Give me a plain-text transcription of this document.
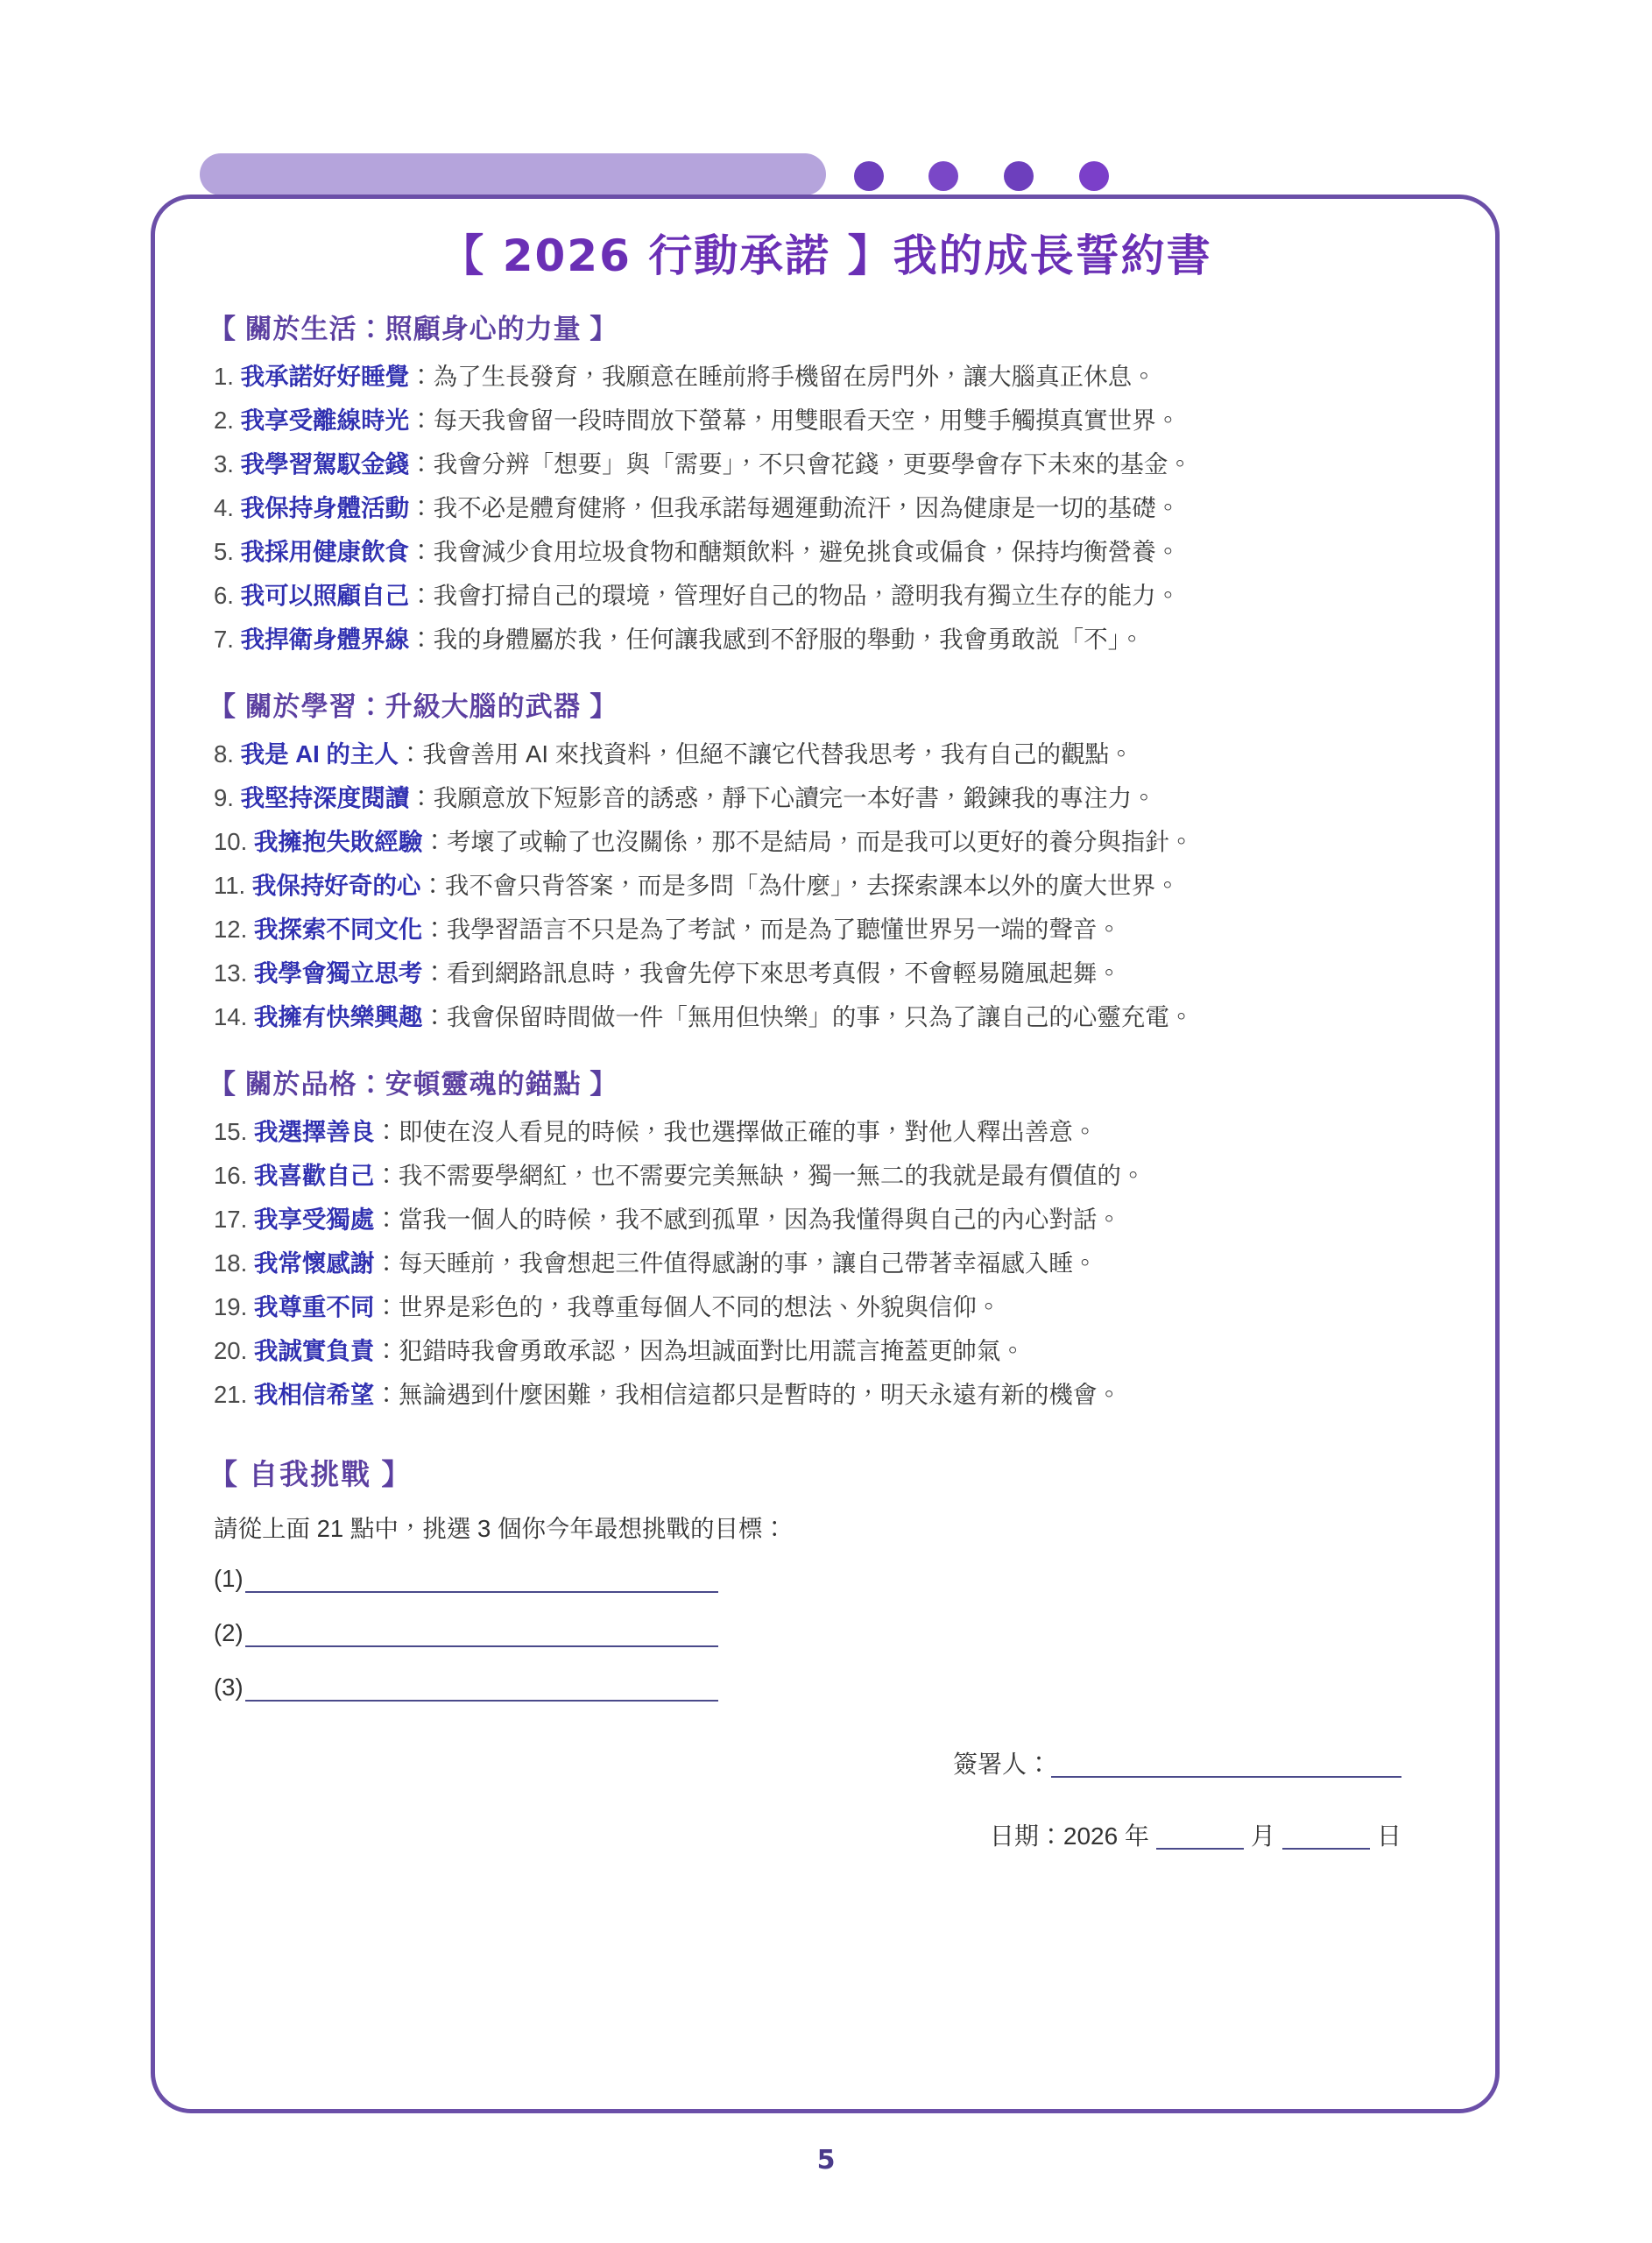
【 2026 行動承諾 】我的成長誓約書
【 關於生活：照顧身心的力量 】
1. 我承諾好好睡覺：為了生長發育，我願意在睡前將手機留在房門外，讓大腦真正休息。
2. 我享受離線時光：每天我會留一段時間放下螢幕，用雙眼看天空，用雙手觸摸真實世界。
3. 我學習駕馭金錢：我會分辨「想要」與「需要」，不只會花錢，更要學會存下未來的基金。
4. 我保持身體活動：我不必是體育健將，但我承諾每週運動流汗，因為健康是一切的基礎。
5. 我採用健康飲食：我會減少食用垃圾食物和醣類飲料，避免挑食或偏食，保持均衡營養。
6. 我可以照顧自己：我會打掃自己的環境，管理好自己的物品，證明我有獨立生存的能力。
7. 我捍衛身體界線：我的身體屬於我，任何讓我感到不舒服的舉動，我會勇敢説「不」。
【 關於學習：升級大腦的武器 】
8. 我是 AI 的主人：我會善用 AI 來找資料，但絕不讓它代替我思考，我有自己的觀點。
9. 我堅持深度閱讀：我願意放下短影音的誘惑，靜下心讀完一本好書，鍛鍊我的專注力。
10. 我擁抱失敗經驗：考壞了或輸了也沒關係，那不是結局，而是我可以更好的養分與指針。
11. 我保持好奇的心：我不會只背答案，而是多問「為什麼」，去探索課本以外的廣大世界。
12. 我探索不同文化：我學習語言不只是為了考試，而是為了聽懂世界另一端的聲音。
13. 我學會獨立思考：看到網路訊息時，我會先停下來思考真假，不會輕易隨風起舞。
14. 我擁有快樂興趣：我會保留時間做一件「無用但快樂」的事，只為了讓自己的心靈充電。
【 關於品格：安頓靈魂的錨點 】
15. 我選擇善良：即使在沒人看見的時候，我也選擇做正確的事，對他人釋出善意。
16. 我喜歡自己：我不需要學網紅，也不需要完美無缺，獨一無二的我就是最有價值的。
17. 我享受獨處：當我一個人的時候，我不感到孤單，因為我懂得與自己的內心對話。
18. 我常懷感謝：每天睡前，我會想起三件值得感謝的事，讓自己帶著幸福感入睡。
19. 我尊重不同：世界是彩色的，我尊重每個人不同的想法、外貌與信仰。
20. 我誠實負責：犯錯時我會勇敢承認，因為坦誠面對比用謊言掩蓋更帥氣。
21. 我相信希望：無論遇到什麼困難，我相信這都只是暫時的，明天永遠有新的機會。
【 自我挑戰 】
請從上面 21 點中，挑選 3 個你今年最想挑戰的目標：
(1)
(2)
(3)
簽署人：
日期：2026 年	月	日
5
